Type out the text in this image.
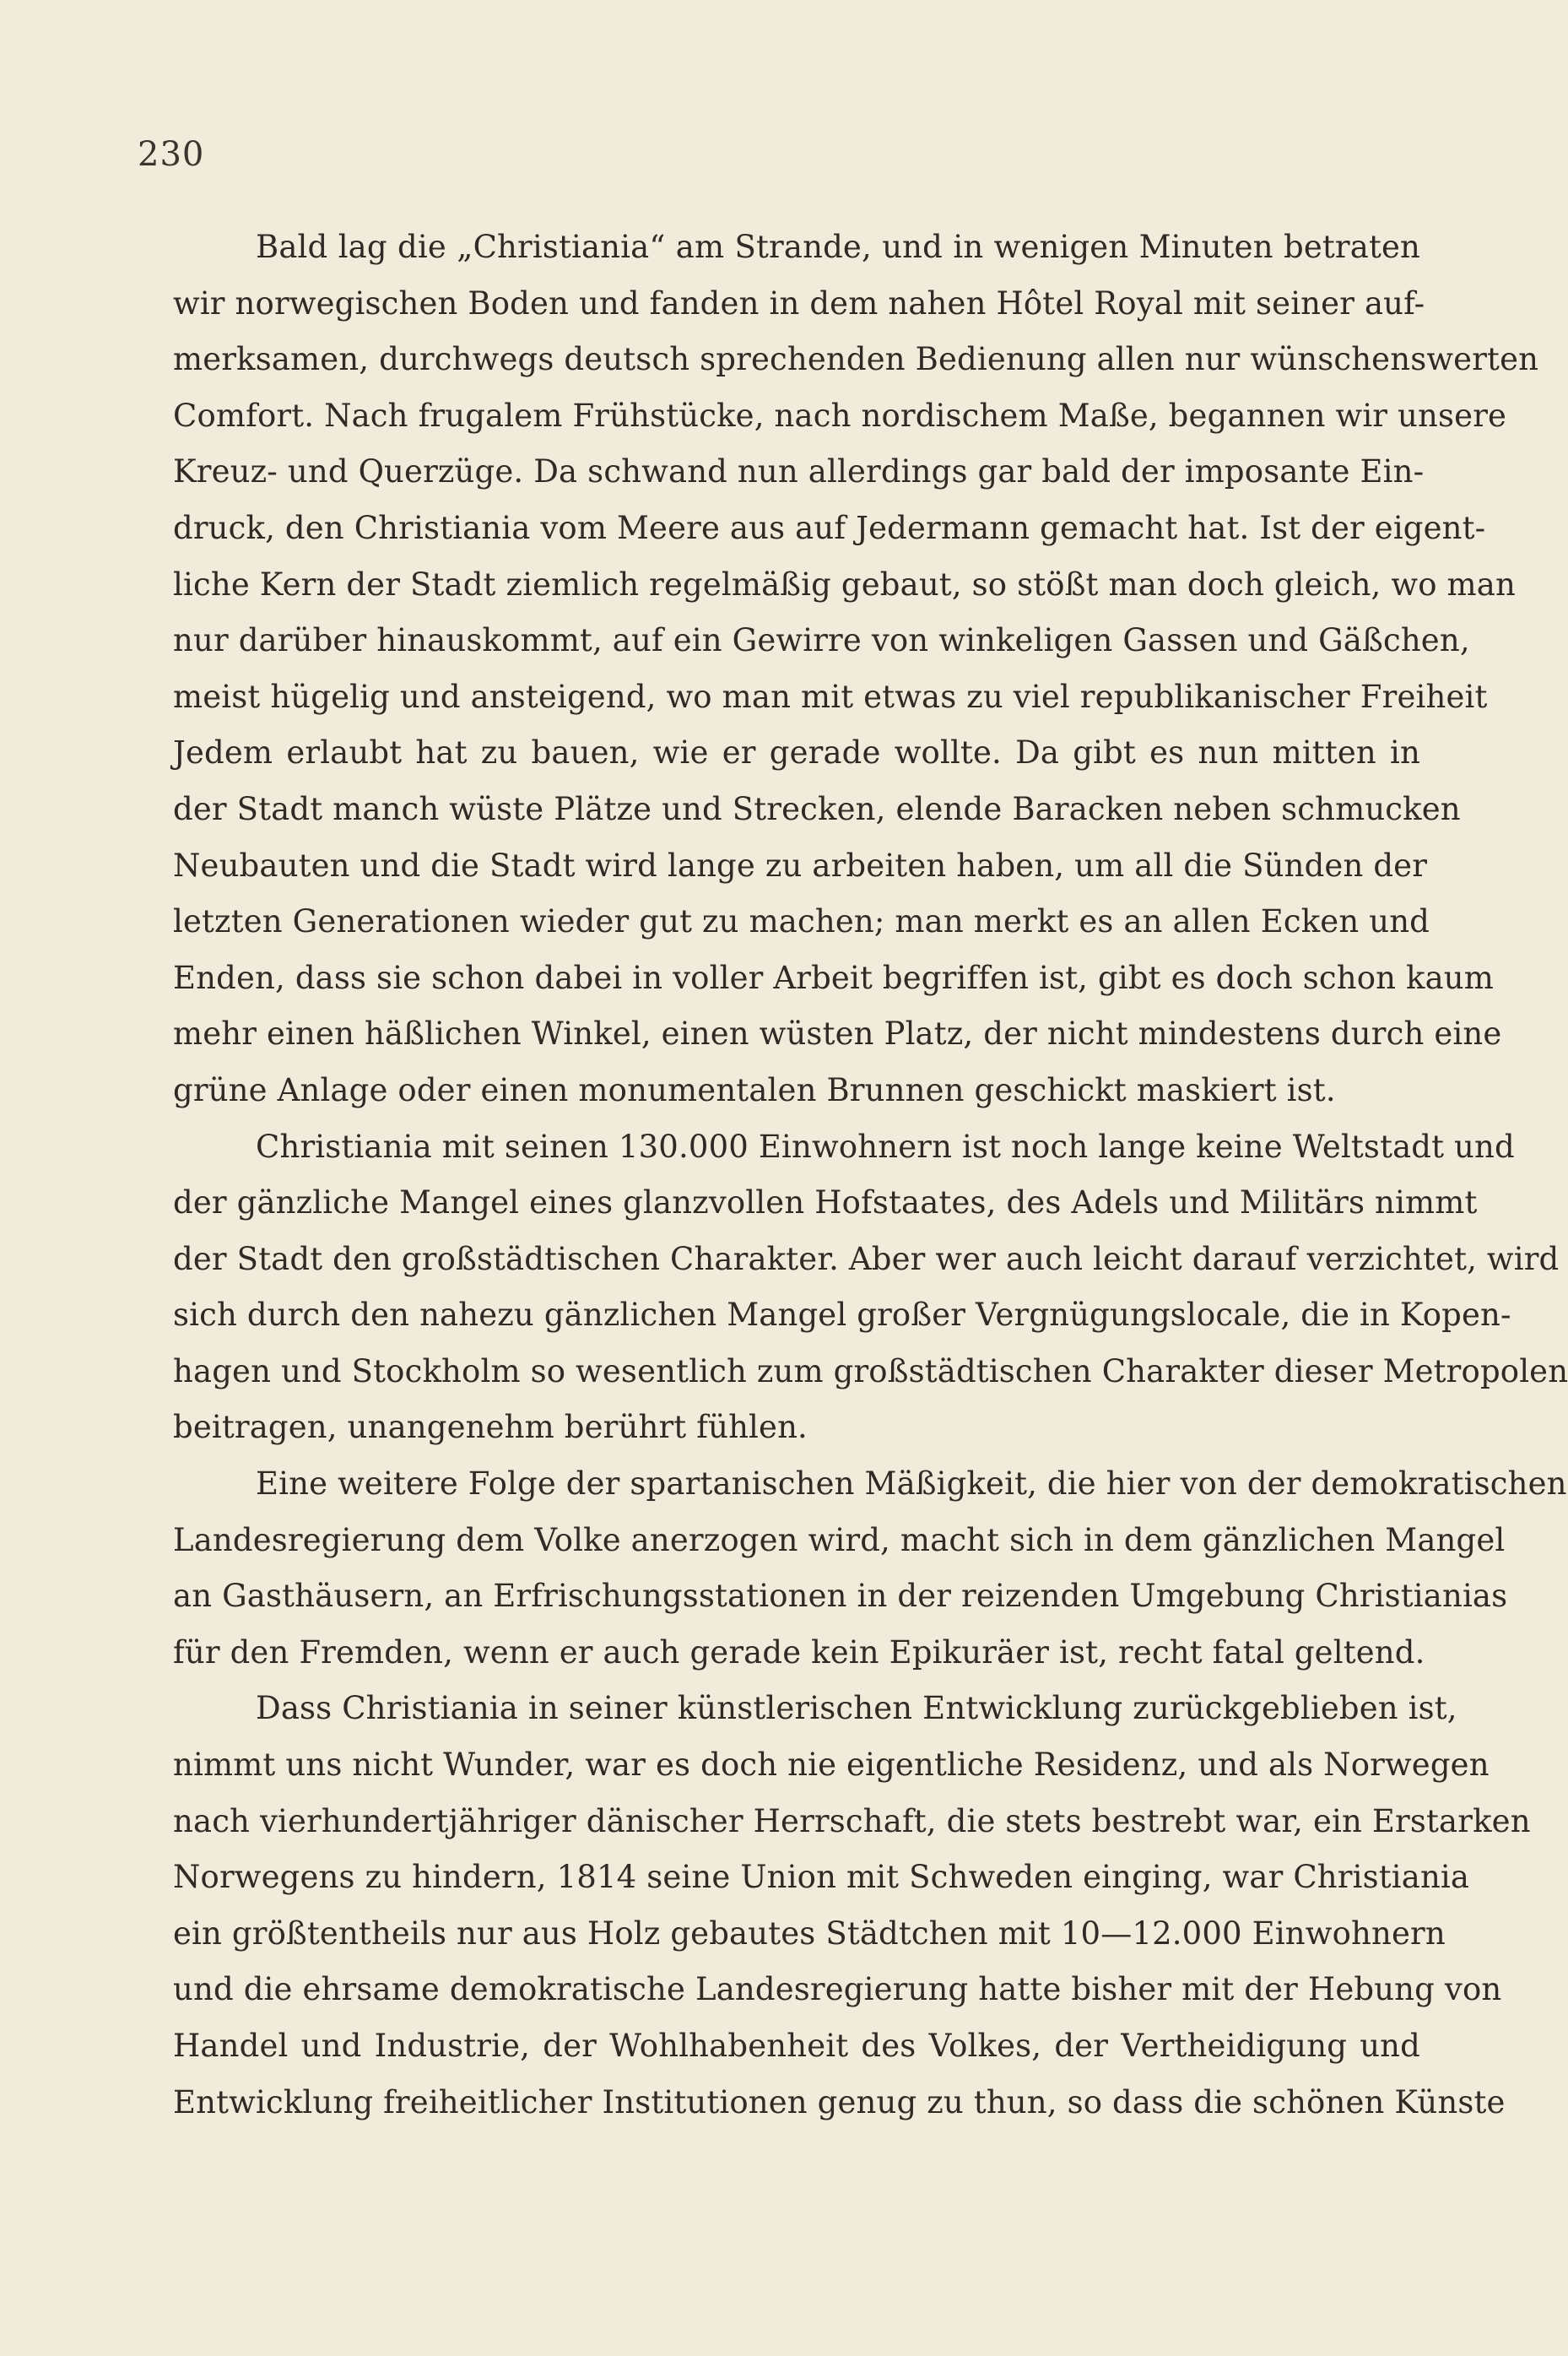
230
Bald lag die „Christiania“ am Strande, und in wenigen Minuten betraten
wir norwegischen Boden und fanden in dem nahen Hôtel Royal mit seiner auf-
merksamen, durchwegs deutsch sprechenden Bedienung allen nur wünschenswerten
Comfort. Nach frugalem Frühstücke, nach nordischem Maße, begannen wir unsere
Kreuz- und Querzüge. Da schwand nun allerdings gar bald der imposante Ein-
druck, den Christiania vom Meere aus auf Jedermann gemacht hat. Ist der eigent-
liche Kern der Stadt ziemlich regelmäßig gebaut, so stößt man doch gleich, wo man
nur darüber hinauskommt, auf ein Gewirre von winkeligen Gassen und Gäßchen,
meist hügelig und ansteigend, wo man mit etwas zu viel republikanischer Freiheit
Jedem erlaubt hat zu bauen, wie er gerade wollte. Da gibt es nun mitten in
der Stadt manch wüste Plätze und Strecken, elende Baracken neben schmucken
Neubauten und die Stadt wird lange zu arbeiten haben, um all die Sünden der
letzten Generationen wieder gut zu machen; man merkt es an allen Ecken und
Enden, dass sie schon dabei in voller Arbeit begriffen ist, gibt es doch schon kaum
mehr einen häßlichen Winkel, einen wüsten Platz, der nicht mindestens durch eine
grüne Anlage oder einen monumentalen Brunnen geschickt maskiert ist.
Christiania mit seinen 130.000 Einwohnern ist noch lange keine Weltstadt und
der gänzliche Mangel eines glanzvollen Hofstaates, des Adels und Militärs nimmt
der Stadt den großstädtischen Charakter. Aber wer auch leicht darauf verzichtet, wird
sich durch den nahezu gänzlichen Mangel großer Vergnügungslocale, die in Kopen-
hagen und Stockholm so wesentlich zum großstädtischen Charakter dieser Metropolen
beitragen, unangenehm berührt fühlen.
Eine weitere Folge der spartanischen Mäßigkeit, die hier von der demokratischen
Landesregierung dem Volke anerzogen wird, macht sich in dem gänzlichen Mangel
an Gasthäusern, an Erfrischungsstationen in der reizenden Umgebung Christianias
für den Fremden, wenn er auch gerade kein Epikuräer ist, recht fatal geltend.
Dass Christiania in seiner künstlerischen Entwicklung zurückgeblieben ist,
nimmt uns nicht Wunder, war es doch nie eigentliche Residenz, und als Norwegen
nach vierhundertjähriger dänischer Herrschaft, die stets bestrebt war, ein Erstarken
Norwegens zu hindern, 1814 seine Union mit Schweden einging, war Christiania
ein größtentheils nur aus Holz gebautes Städtchen mit 10—12.000 Einwohnern
und die ehrsame demokratische Landesregierung hatte bisher mit der Hebung von
Handel und Industrie, der Wohlhabenheit des Volkes, der Vertheidigung und
Entwicklung freiheitlicher Institutionen genug zu thun, so dass die schönen Künste
